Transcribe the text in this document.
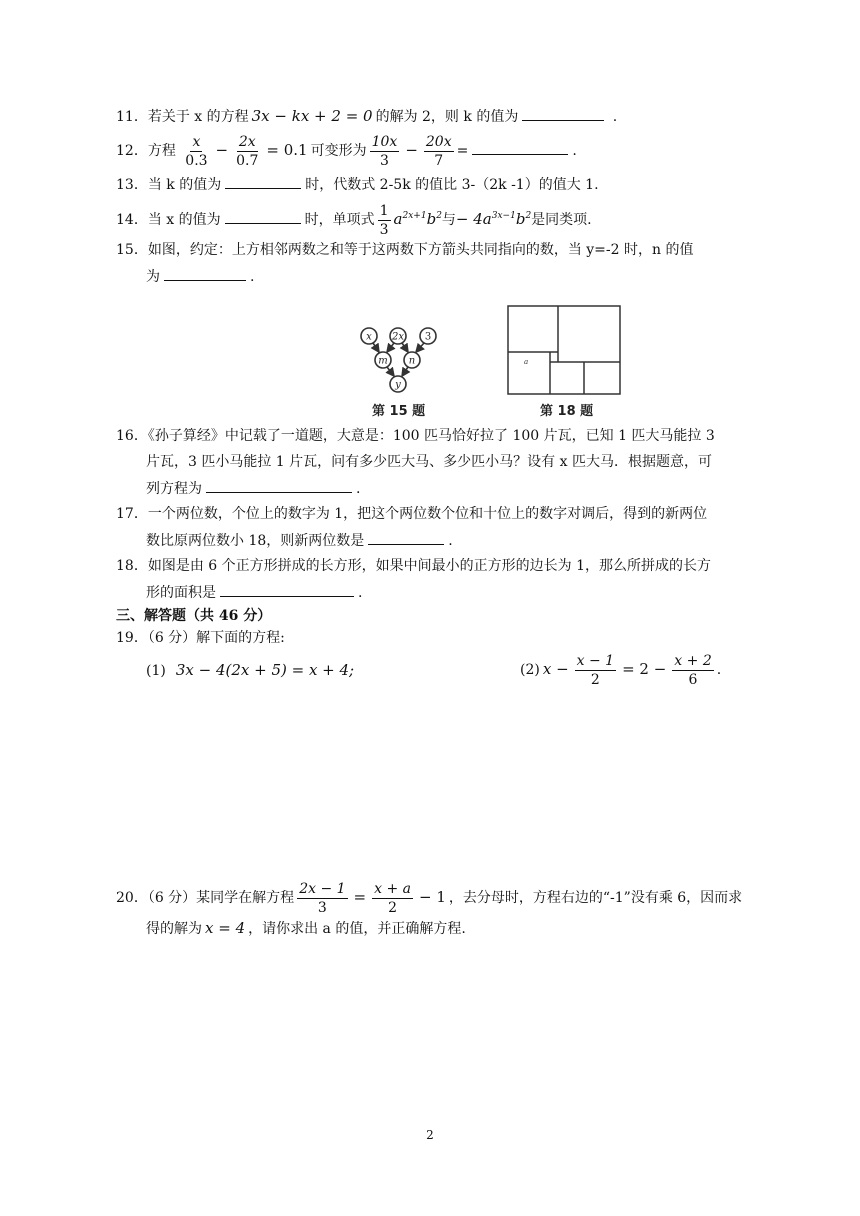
11．若关于 x 的方程 3x − kx + 2 = 0 的解为 2，则 k 的值为	.
12．方程 $\frac{x}{0.3} - \frac{2x}{0.7} = 0.1$ 可变形为 $\frac{10x}{3} - \frac{20x}{7}$ =	.
13．当 k 的值为	时，代数式 2-5k 的值比 3-（2k -1）的值大 1.
14．当 x 的值为	时，单项式 $\frac{1}{3} a^{2x+1}b^2$与− $4a^{3x-1}b^2$是同类项.
15．如图，约定：上方相邻两数之和等于这两数下方箭头共同指向的数，当 y=-2 时，n 的值
为	.
x 2x 3
m n
y
第 15 题
a
第 18 题
16．《孙子算经》中记载了一道题，大意是：100 匹马恰好拉了 100 片瓦，已知 1 匹大马能拉 3
片瓦，3 匹小马能拉 1 片瓦，问有多少匹大马、多少匹小马？设有 x 匹大马．根据题意，可
列方程为	.
17．一个两位数，个位上的数字为 1，把这个两位数个位和十位上的数字对调后，得到的新两位
数比原两位数小 18，则新两位数是	.
18．如图是由 6 个正方形拼成的长方形，如果中间最小的正方形的边长为 1，那么所拼成的长方
形的面积是	.
三、解答题（共 46 分）
19．（6 分）解下面的方程:
(1) 3x − 4(2x + 5) = x + 4;	(2) $x - \frac{x - 1}{2} = 2 - \frac{x + 2}{6}$ .
20．（6 分）某同学在解方程 $\frac{2x - 1}{3} = \frac{x + a}{2} - 1$ ，去分母时，方程右边的“-1”没有乘 6，因而求
得的解为 x = 4 ，请你求出 a 的值，并正确解方程.
2
